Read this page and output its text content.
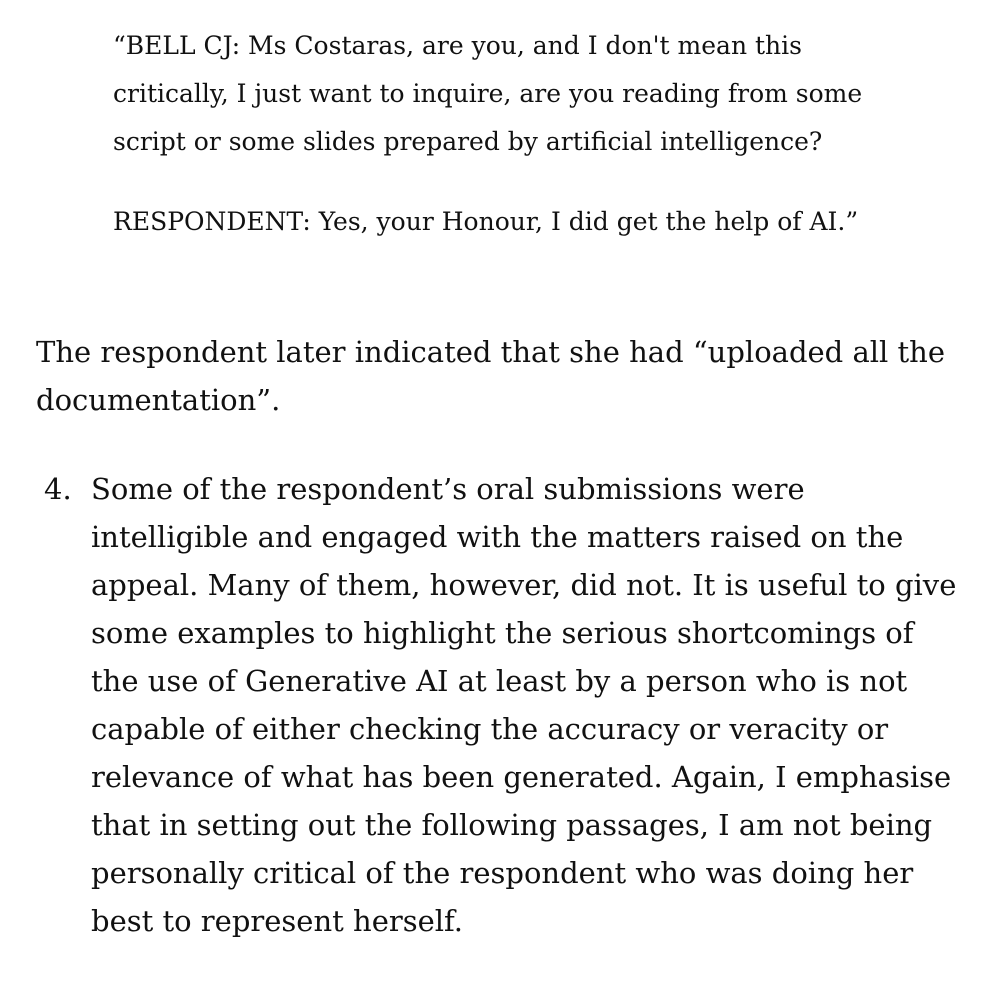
“BELL CJ: Ms Costaras, are you, and I don't mean this critically, I just want to inquire, are you reading from some script or some slides prepared by artificial intelligence?

RESPONDENT: Yes, your Honour, I did get the help of AI.”

The respondent later indicated that she had “uploaded all the documentation”.

4. Some of the respondent’s oral submissions were intelligible and engaged with the matters raised on the appeal. Many of them, however, did not. It is useful to give some examples to highlight the serious shortcomings of the use of Generative AI at least by a person who is not capable of either checking the accuracy or veracity or relevance of what has been generated. Again, I emphasise that in setting out the following passages, I am not being personally critical of the respondent who was doing her best to represent herself.
